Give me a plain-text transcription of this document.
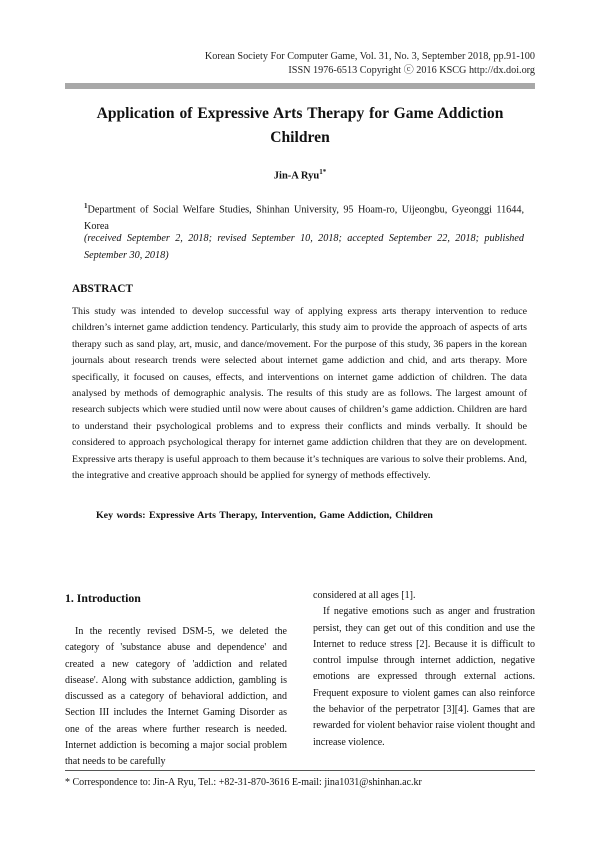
Korean Society For Computer Game, Vol. 31, No. 3, September 2018, pp.91-100
ISSN 1976-6513 Copyright ⓒ 2016 KSCG http://dx.doi.org
Application of Expressive Arts Therapy for Game Addiction Children
Jin-A Ryu$^{1*}$
$^1$Department of Social Welfare Studies, Shinhan University, 95 Hoam-ro, Uijeongbu, Gyeonggi 11644, Korea
(received September 2, 2018; revised September 10, 2018; accepted September 22, 2018; published September 30, 2018)
ABSTRACT
This study was intended to develop successful way of applying express arts therapy intervention to reduce children’s internet game addiction tendency. Particularly, this study aim to provide the approach of aspects of arts therapy such as sand play, art, music, and dance/movement. For the purpose of this study, 36 papers in the korean journals about research trends were selected about internet game addiction and chid, and arts therapy. More specifically, it focused on causes, effects, and interventions on internet game addiction of children. The data analysed by methods of demographic analysis. The results of this study are as follows. The largest amount of research subjects which were studied until now were about causes of children’s game addiction. Children are hard to understand their psychological problems and to express their conflicts and minds verbally. It should be considered to approach psychological therapy for internet game addiction children that they are on development. Expressive arts therapy is useful approach to them because it’s techniques are various to solve their problems. And, the integrative and creative approach should be applied for synergy of methods effectively.
Key words: Expressive Arts Therapy, Intervention, Game Addiction, Children
1. Introduction

In the recently revised DSM-5, we deleted the category of 'substance abuse and dependence' and created a new category of 'addiction and related disease'. Along with substance addiction, gambling is discussed as a category of behavioral addiction, and Section III includes the Internet Gaming Disorder as one of the areas where further research is needed. Internet addiction is becoming a major social problem that needs to be carefully

considered at all ages [1].

If negative emotions such as anger and frustration persist, they can get out of this condition and use the Internet to reduce stress [2]. Because it is difficult to control impulse through internet addiction, negative emotions are expressed through external actions. Frequent exposure to violent games can also reinforce the behavior of the perpetrator [3][4]. Games that are rewarded for violent behavior raise violent thought and increase violence.

* Correspondence to: Jin-A Ryu, Tel.: +82-31-870-3616 E-mail: jina1031@shinhan.ac.kr
